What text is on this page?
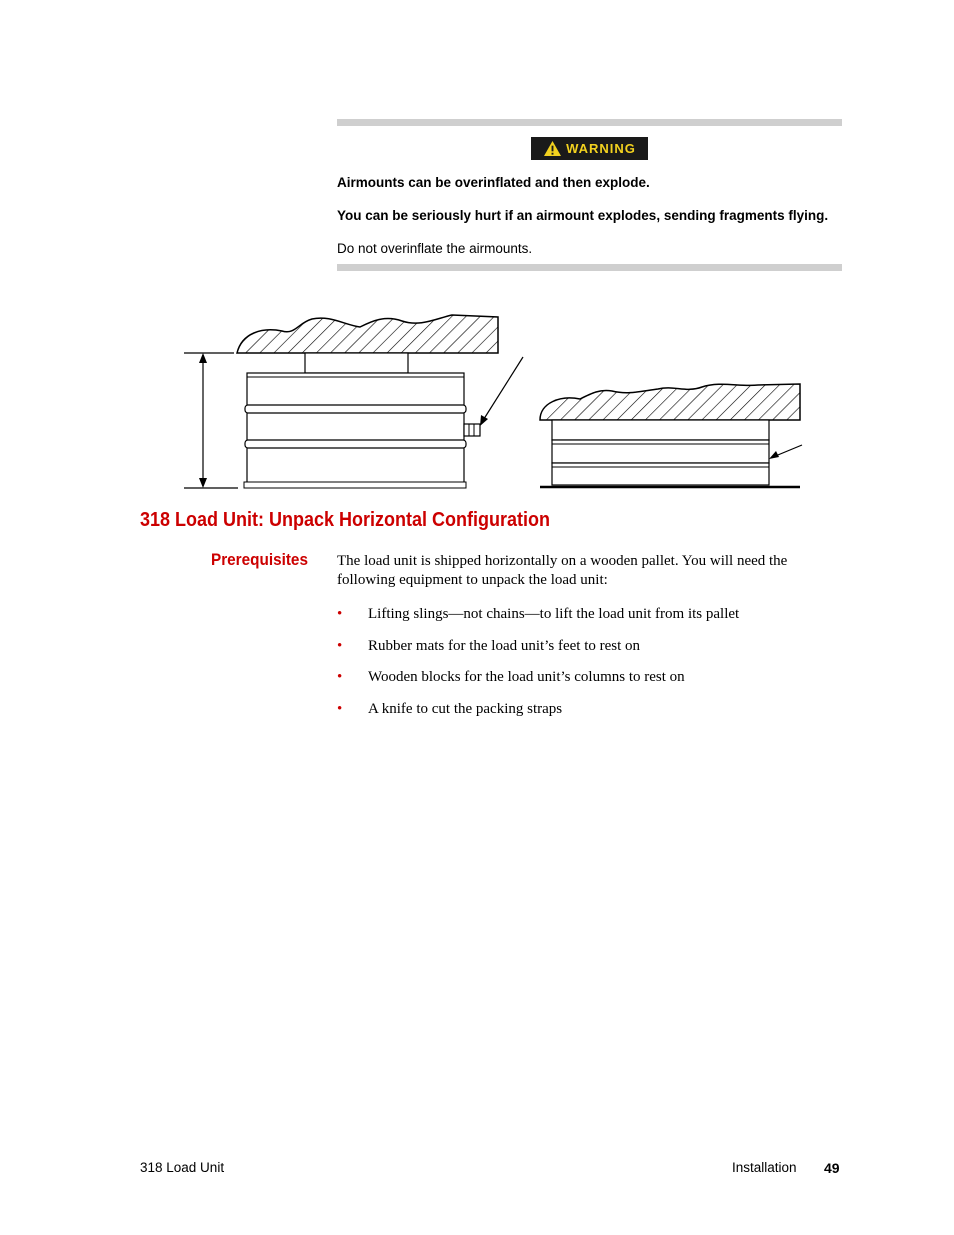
WARNING
Airmounts can be overinflated and then explode.
You can be seriously hurt if an airmount explodes, sending fragments flying.
Do not overinflate the airmounts.
318 Load Unit: Unpack Horizontal Configuration
Prerequisites The load unit is shipped horizontally on a wooden pallet. You will need the following equipment to unpack the load unit:

• Lifting slings—not chains—to lift the load unit from its pallet
• Rubber mats for the load unit’s feet to rest on
• Wooden blocks for the load unit’s columns to rest on
• A knife to cut the packing straps
318 Load Unit	Installation 49
